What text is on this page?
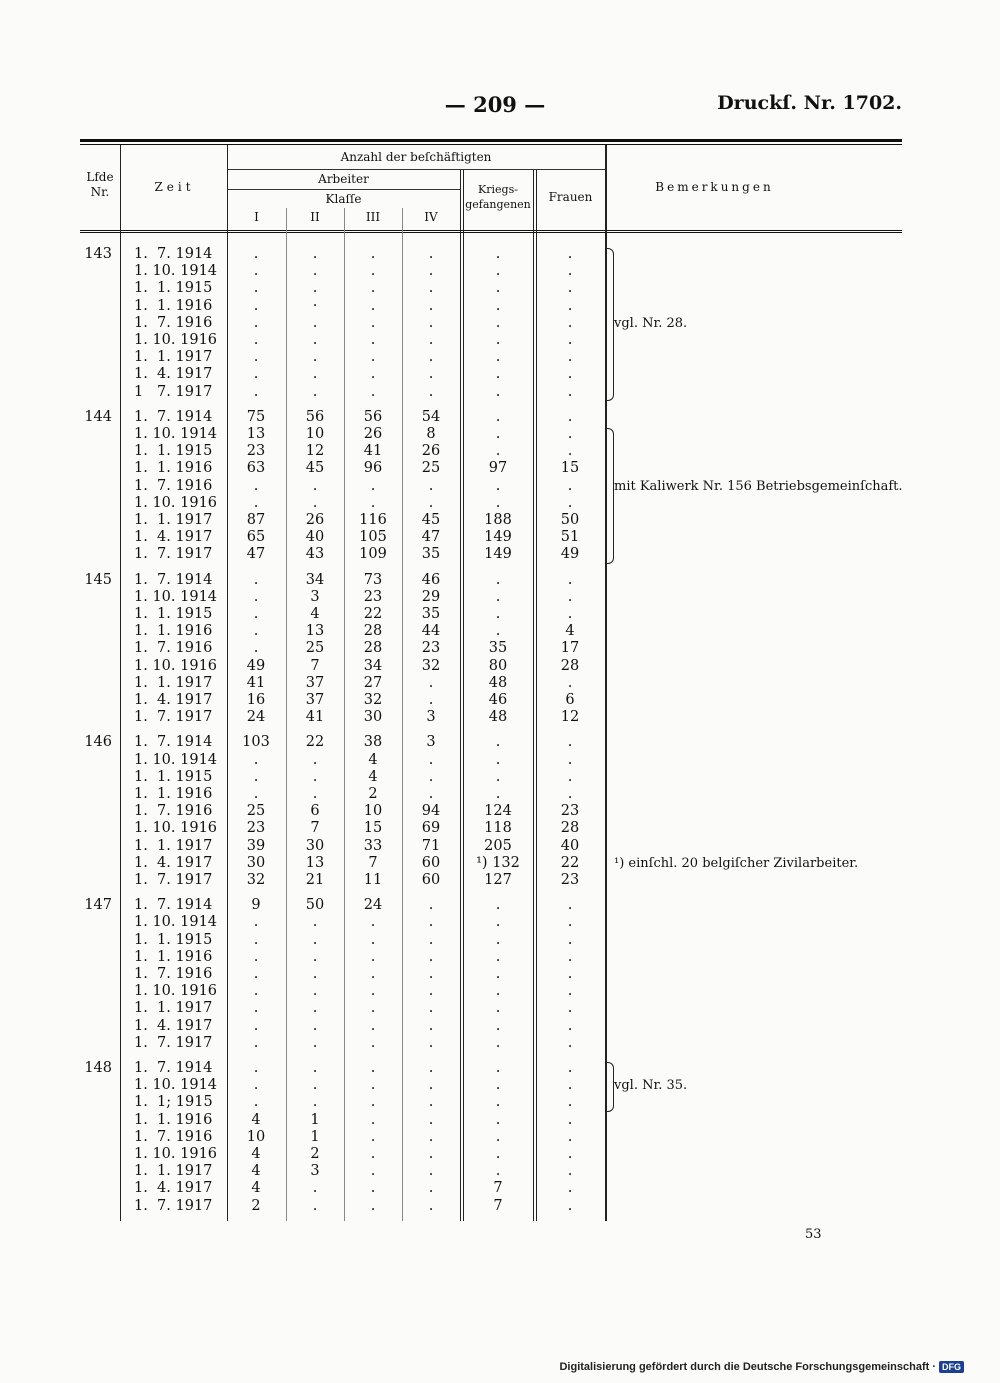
— 209 —	Druckſ. Nr. 1702.
Lfde
Nr.	Zeit
Anzahl der beſchäftigten
Arbeiter
Klaſſe
I	II	III	IV
Kriegs-
gefangenen
Frauen
Bemerkungen
143 1.  7. 1914	.	.	.	.	.	.
1. 10. 1914	.	.	.	.	.	.
1.  1. 1915	.	.	.	.	.	.
1.  1. 1916	.	·	.	.	.	.
1.  7. 1916	.	.	.	.	.	.
1. 10. 1916	.	.	.	.	.	.
1.  1. 1917	.	.	.	.	.	.
1.  4. 1917	.	.	.	.	.	.
1   7. 1917	.	.	.	.	.	.
144 1.  7. 1914	75	56	56	54	.	.
1. 10. 1914	13	10	26	8	.	.
1.  1. 1915	23	12	41	26	.	.
1.  1. 1916	63	45	96	25	97	15
1.  7. 1916	.	.	.	.	.	.
1. 10. 1916	.	.	.	.	.	.
1.  1. 1917	87	26	116	45	188	50
1.  4. 1917	65	40	105	47	149	51
1.  7. 1917	47	43	109	35	149	49
145 1.  7. 1914	.	34	73	46	.	.
1. 10. 1914	.	3	23	29	.	.
1.  1. 1915	.	4	22	35	.	.
1.  1. 1916	.	13	28	44	.	4
1.  7. 1916	.	25	28	23	35	17
1. 10. 1916	49	7	34	32	80	28
1.  1. 1917	41	37	27	.	48	.
1.  4. 1917	16	37	32	.	46	6
1.  7. 1917	24	41	30	3	48	12
146 1.  7. 1914	103	22	38	3	.	.
1. 10. 1914	.	.	4	.	.	.
1.  1. 1915	.	.	4	.	.	.
1.  1. 1916	.	.	2	.	.	.
1.  7. 1916	25	6	10	94	124	23
1. 10. 1916	23	7	15	69	118	28
1.  1. 1917	39	30	33	71	205	40
1.  4. 1917	30	13	7	60	¹) 132	22
1.  7. 1917	32	21	11	60	127	23
147 1.  7. 1914	9	50	24	.	.	.
1. 10. 1914	.	.	.	.	.	.
1.  1. 1915	.	.	.	.	.	.
1.  1. 1916	.	.	.	.	.	.
1.  7. 1916	.	.	.	.	.	.
1. 10. 1916	.	.	.	.	.	.
1.  1. 1917	.	.	.	.	.	.
1.  4. 1917	.	.	.	.	.	.
1.  7. 1917	.	.	.	.	.	.
148 1.  7. 1914	.	.	.	.	.	.
1. 10. 1914	.	.	.	.	.	.
1.  1; 1915	.	.	.	.	.	.
1.  1. 1916	4	1	.	.	.	.
1.  7. 1916	10	1	.	.	.	.
1. 10. 1916	4	2	.	.	.	.
1.  1. 1917	4	3	.	.	.	.
1.  4. 1917	4	.	.	.	7	.
1.  7. 1917	2	.	.	.	7	.
vgl. Nr. 28.
mit Kaliwerk Nr. 156 Betriebsgemeinſchaft.
¹) einſchl. 20 belgiſcher Zivilarbeiter.
vgl. Nr. 35.
53
Digitalisierung gefördert durch die Deutsche Forschungsgemeinschaft · DFG
